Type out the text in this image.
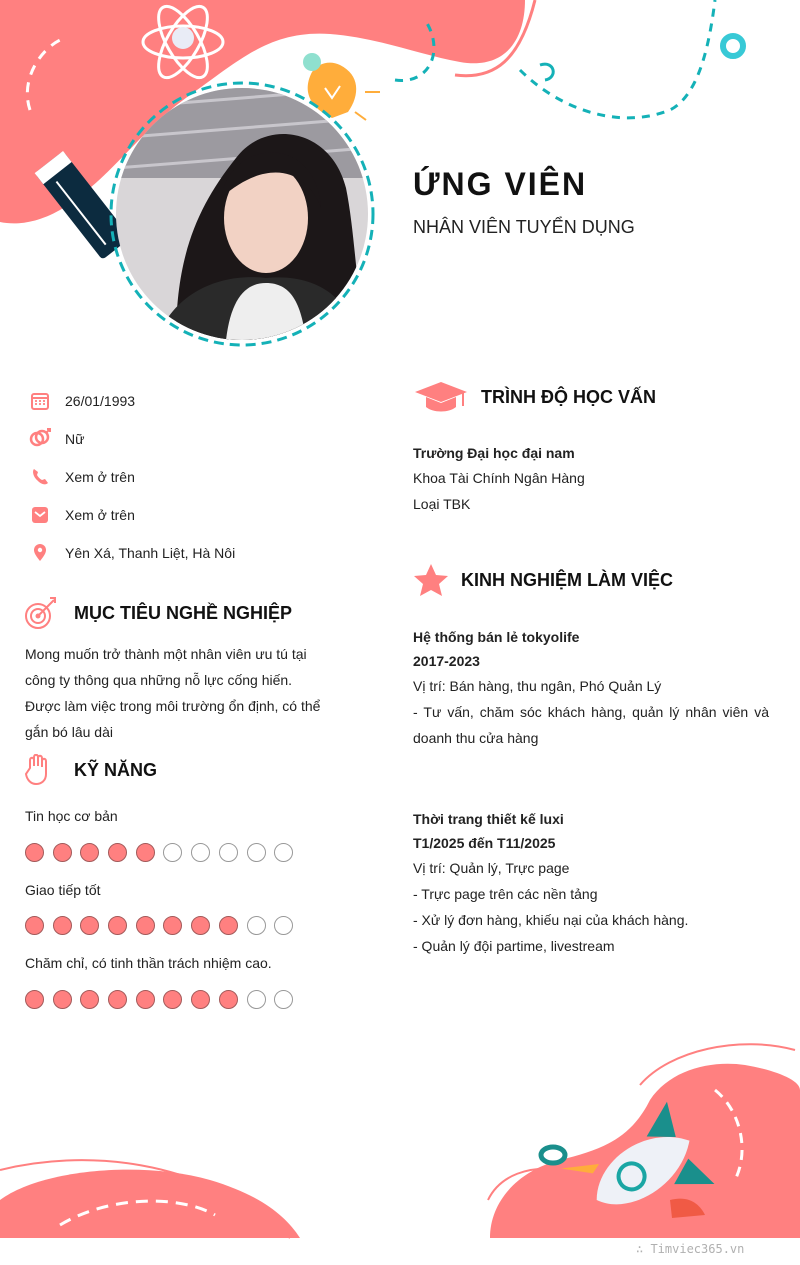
ỨNG VIÊN
NHÂN VIÊN TUYỂN DỤNG
26/01/1993
Nữ
Xem ở trên
Xem ở trên
Yên Xá, Thanh Liệt, Hà Nôi
MỤC TIÊU NGHỀ NGHIỆP
Mong muốn trở thành một nhân viên ưu tú tại
công ty thông qua những nỗ lực cống hiến.
Được làm việc trong môi trường ổn định, có thể
gắn bó lâu dài
KỸ NĂNG
Tin học cơ bản
Giao tiếp tốt
Chăm chỉ, có tinh thần trách nhiệm cao.
TRÌNH ĐỘ HỌC VẤN
Trường Đại học đại nam
Khoa Tài Chính Ngân Hàng
Loại TBK
KINH NGHIỆM LÀM VIỆC
Hệ thống bán lẻ tokyolife
2017-2023
Vị trí: Bán hàng, thu ngân, Phó Quản Lý
- Tư vấn, chăm sóc khách hàng, quản lý nhân viên và doanh thu cửa hàng
Thời trang thiết kế luxi
T1/2025 đến T11/2025
Vị trí: Quản lý, Trực page
- Trực page trên các nền tảng
- Xử lý đơn hàng, khiếu nại của khách hàng.
- Quản lý đội partime, livestream
∴ Timviec365.vn
